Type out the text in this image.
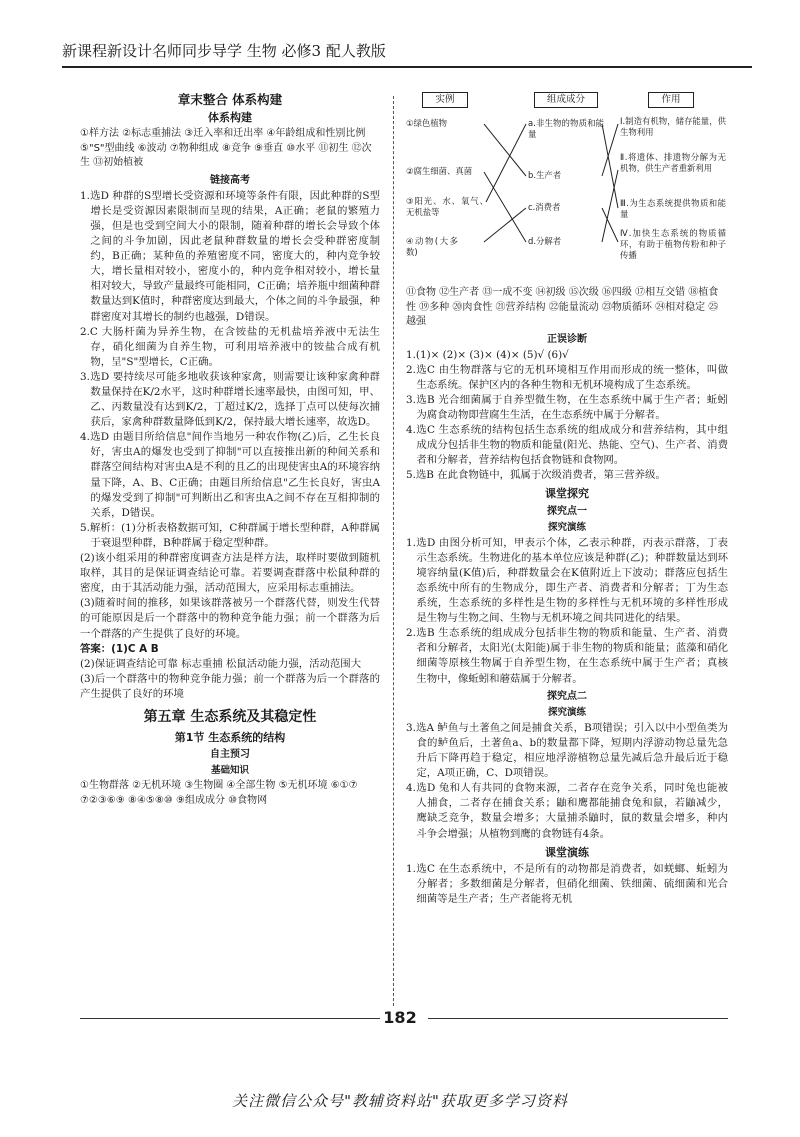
新课程新设计名师同步导学 生物 必修3 配人教版
章末整合 体系构建
体系构建

①样方法 ②标志重捕法 ③迁入率和迁出率 ④年龄组成和性别比例 ⑤"S"型曲线 ⑥波动 ⑦物种组成 ⑧竞争 ⑨垂直 ⑩水平 ⑪初生 ⑫次生 ⑬初始植被

链接高考

1.选D 种群的S型增长受资源和环境等条件有限，因此种群的S型增长是受资源因素限制而呈现的结果，A正确；老鼠的繁殖力强，但是也受到空间大小的限制，随着种群的增长会导致个体之间的斗争加剧，因此老鼠种群数量的增长会受种群密度制约，B正确；某种鱼的养殖密度不同，密度大的，种内竞争较大，增长量相对较小，密度小的，种内竞争相对较小，增长量相对较大，导致产量最终可能相同，C正确；培养瓶中细菌种群数量达到K值时，种群密度达到最大，个体之间的斗争最强，种群密度对其增长的制约也越强，D错误。

2.C 大肠杆菌为异养生物，在含铵盐的无机盐培养液中无法生存，硝化细菌为自养生物，可利用培养液中的铵盐合成有机物，呈"S"型增长，C正确。

3.选D 要持续尽可能多地收获该种家禽，则需要让该种家禽种群数量保持在K/2水平，这时种群增长速率最快，由图可知，甲、乙、丙数量没有达到K/2，丁超过K/2，选择丁点可以使每次捕获后，家禽种群数量降低到K/2，保持最大增长速率，故选D。

4.选D 由题目所给信息"间作当地另一种农作物(乙)后，乙生长良好，害虫A的爆发也受到了抑制"可以直接推出新的种间关系和群落空间结构对害虫A是不利的且乙的出现使害虫A的环境容纳量下降，A、B、C正确；由题目所给信息"乙生长良好，害虫A的爆发受到了抑制"可判断出乙和害虫A之间不存在互相抑制的关系，D错误。

5.解析：(1)分析表格数据可知，C种群属于增长型种群，A种群属于衰退型种群，B种群属于稳定型种群。

(2)该小组采用的种群密度调查方法是样方法，取样时要做到随机取样，其目的是保证调查结论可靠。若要调查群落中松鼠种群的密度，由于其活动能力强，活动范围大，应采用标志重捕法。

(3)随着时间的推移，如果该群落被另一个群落代替，则发生代替的可能原因是后一个群落中的物种竞争能力强；前一个群落为后一个群落的产生提供了良好的环境。

答案：(1)C A B

(2)保证调查结论可靠 标志重捕 松鼠活动能力强，活动范围大

(3)后一个群落中的物种竞争能力强；前一个群落为后一个群落的产生提供了良好的环境

第五章 生态系统及其稳定性
第1节 生态系统的结构
自主预习
基础知识

①生物群落 ②无机环境 ③生物圈 ④全部生物 ⑤无机环境 ⑥①⑦ ⑦②③⑥⑨ ⑧④⑤⑧⑩ ⑨组成成分 ⑩食物网

实例	组成成分	作用
①绿色植物
②腐生细菌、真菌
③阳光、水、氧气、无机盐等
④动物(大多数)
a.非生物的物质和能量
b.生产者
c.消费者
d.分解者
Ⅰ.制造有机物，储存能量，供生物利用
Ⅱ.将遗体、排遗物分解为无机物，供生产者重新利用
Ⅲ.为生态系统提供物质和能量
Ⅳ.加快生态系统的物质循环，有助于植物传粉和种子传播

⑪食物 ⑫生产者 ⑬一成不变 ⑭初级 ⑮次级 ⑯四级 ⑰相互交错 ⑱植食性 ⑲多种 ⑳肉食性 ㉑营养结构 ㉒能量流动 ㉓物质循环 ㉔相对稳定 ㉕越强

正误诊断

1.(1)× (2)× (3)× (4)× (5)√ (6)√

2.选C 由生物群落与它的无机环境相互作用而形成的统一整体，叫做生态系统。保护区内的各种生物和无机环境构成了生态系统。

3.选B 光合细菌属于自养型微生物，在生态系统中属于生产者；蚯蚓为腐食动物即营腐生生活，在生态系统中属于分解者。

4.选C 生态系统的结构包括生态系统的组成成分和营养结构，其中组成成分包括非生物的物质和能量(阳光、热能、空气)、生产者、消费者和分解者，营养结构包括食物链和食物网。

5.选B 在此食物链中，狐属于次级消费者，第三营养级。

课堂探究
探究点一
探究演练

1.选D 由图分析可知，甲表示个体，乙表示种群，丙表示群落，丁表示生态系统。生物进化的基本单位应该是种群(乙)；种群数量达到环境容纳量(K值)后，种群数量会在K值附近上下波动；群落应包括生态系统中所有的生物成分，即生产者、消费者和分解者；丁为生态系统，生态系统的多样性是生物的多样性与无机环境的多样性形成是生物与生物之间、生物与无机环境之间共同进化的结果。

2.选B 生态系统的组成成分包括非生物的物质和能量、生产者、消费者和分解者，太阳光(太阳能)属于非生物的物质和能量；蓝藻和硝化细菌等原核生物属于自养型生物，在生态系统中属于生产者；真核生物中，像蚯蚓和蘑菇属于分解者。

探究点二
探究演练

3.选A 鲈鱼与土著鱼之间是捕食关系，B项错误；引入以中小型鱼类为食的鲈鱼后，土著鱼a、b的数量都下降，短期内浮游动物总量先急升后下降再趋于稳定，相应地浮游植物总量先减后急升最后近于稳定，A项正确，C、D项错误。

4.选D 兔和人有共同的食物来源，二者存在竞争关系，同时兔也能被人捕食，二者存在捕食关系；鼬和鹰都能捕食兔和鼠，若鼬减少，鹰缺乏竞争，数量会增多；大量捕杀鼬时，鼠的数量会增多，种内斗争会增强；从植物到鹰的食物链有4条。

课堂演练

1.选C 在生态系统中，不是所有的动物都是消费者，如蜣螂、蚯蚓为分解者；多数细菌是分解者，但硝化细菌、铁细菌、硫细菌和光合细菌等是生产者；生产者能将无机

182
关注微信公众号"教辅资料站"获取更多学习资料
